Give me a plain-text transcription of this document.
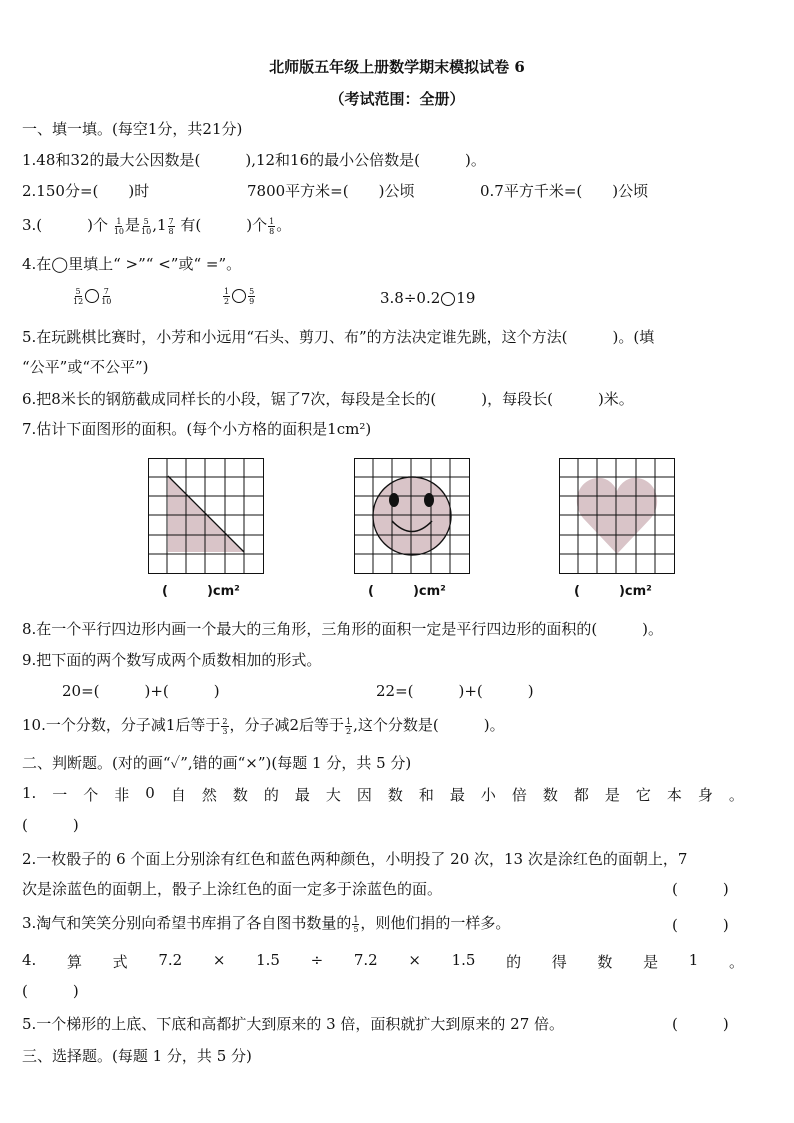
北师版五年级上册数学期末模拟试卷 6
（考试范围：全册）
一、填一填。(每空1分，共21分)
1.48和32的最大公因数是(　　　),12和16的最小公倍数是(　　　)。
2.150分=(　　)时	7800平方米=(　　)公顷	0.7平方千米=(　　)公顷
3.(　　　)个 $\frac{1}{10}$ 是 $\frac{5}{10} ,1 \frac{7}{8}$ 有(　　　)个 $\frac{1}{8}$ 。
4.在◯里填上“ >”“ <”或“ =”。
$\frac{5}{12} \frac{7}{10}$	$\frac{1}{2} \frac{5}{9}$	3.8÷0.2 19
5.在玩跳棋比赛时，小芳和小远用“石头、剪刀、布”的方法决定谁先跳，这个方法(　　　)。(填
“公平”或“不公平”)
6.把8米长的钢筋截成同样长的小段，锯了7次，每段是全长的(　　　)，每段长(　　　)米。
7.估计下面图形的面积。(每个小方格的面积是1cm²)
(　　　)cm²	(　　　)cm²	(　　　)cm²
8.在一个平行四边形内画一个最大的三角形，三角形的面积一定是平行四边形的面积的(　　　)。
9.把下面的两个数写成两个质数相加的形式。
20=(　　　)+(　　　)	22=(　　　)+(　　　)
10.一个分数，分子减1后等于 $\frac{2}{3}$ ，分子减2后等于 $\frac{1}{2}$ ,这个分数是(　　　)。
二、判断题。(对的画“✓”,错的画“×”)(每题 1 分，共 5 分)
1. 一 个 非 0 自 然 数 的 最 大 因 数 和 最 小 倍 数 都 是 它 本 身 。
(　　　)
2.一枚骰子的 6 个面上分别涂有红色和蓝色两种颜色，小明投了 20 次，13 次是涂红色的面朝上，7
次是涂蓝色的面朝上，骰子上涂红色的面一定多于涂蓝色的面。	(　　　)
3.淘气和笑笑分别向希望书库捐了各自图书数量的 $\frac{1}{5}$ ，则他们捐的一样多。	(　　　)
4. 算 式 7.2 × 1.5 ÷ 7.2 × 1.5 的 得 数 是 1 。
(　　　)
5.一个梯形的上底、下底和高都扩大到原来的 3 倍，面积就扩大到原来的 27 倍。	(　　　)
三、选择题。(每题 1 分，共 5 分)
